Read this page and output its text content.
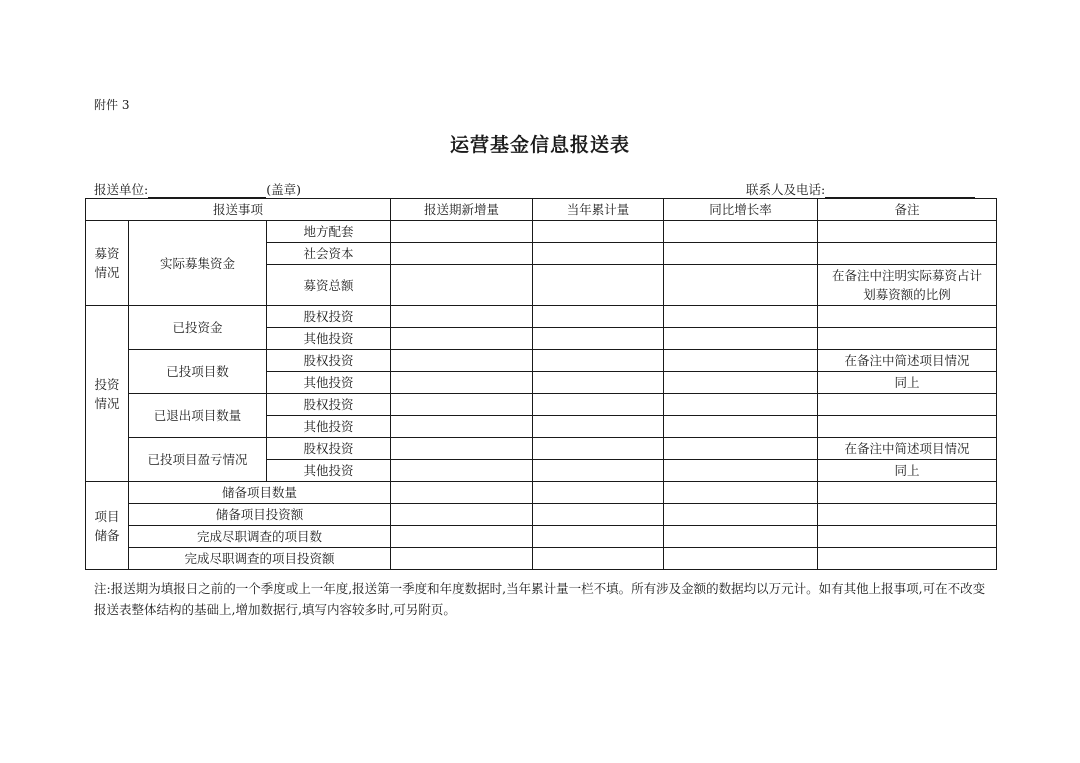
附件 3
运营基金信息报送表
报送单位:	(盖章)	联系人及电话:
报送事项			报送期新增量	当年累计量	同比增长率	备注
募资情况	实际募集资金	地方配套				
		社会资本				
		募资总额				在备注中注明实际募资占计划募资额的比例
投资情况	已投资金	股权投资				
		其他投资				
	已投项目数	股权投资				在备注中简述项目情况
		其他投资				同上
	已退出项目数量	股权投资				
		其他投资				
	已投项目盈亏情况	股权投资				在备注中简述项目情况
		其他投资				同上
项目储备	储备项目数量					
	储备项目投资额					
	完成尽职调查的项目数					
	完成尽职调查的项目投资额					
注:报送期为填报日之前的一个季度或上一年度,报送第一季度和年度数据时,当年累计量一栏不填。所有涉及金额的数据均以万元计。如有其他上报事项,可在不改变报送表整体结构的基础上,增加数据行,填写内容较多时,可另附页。
